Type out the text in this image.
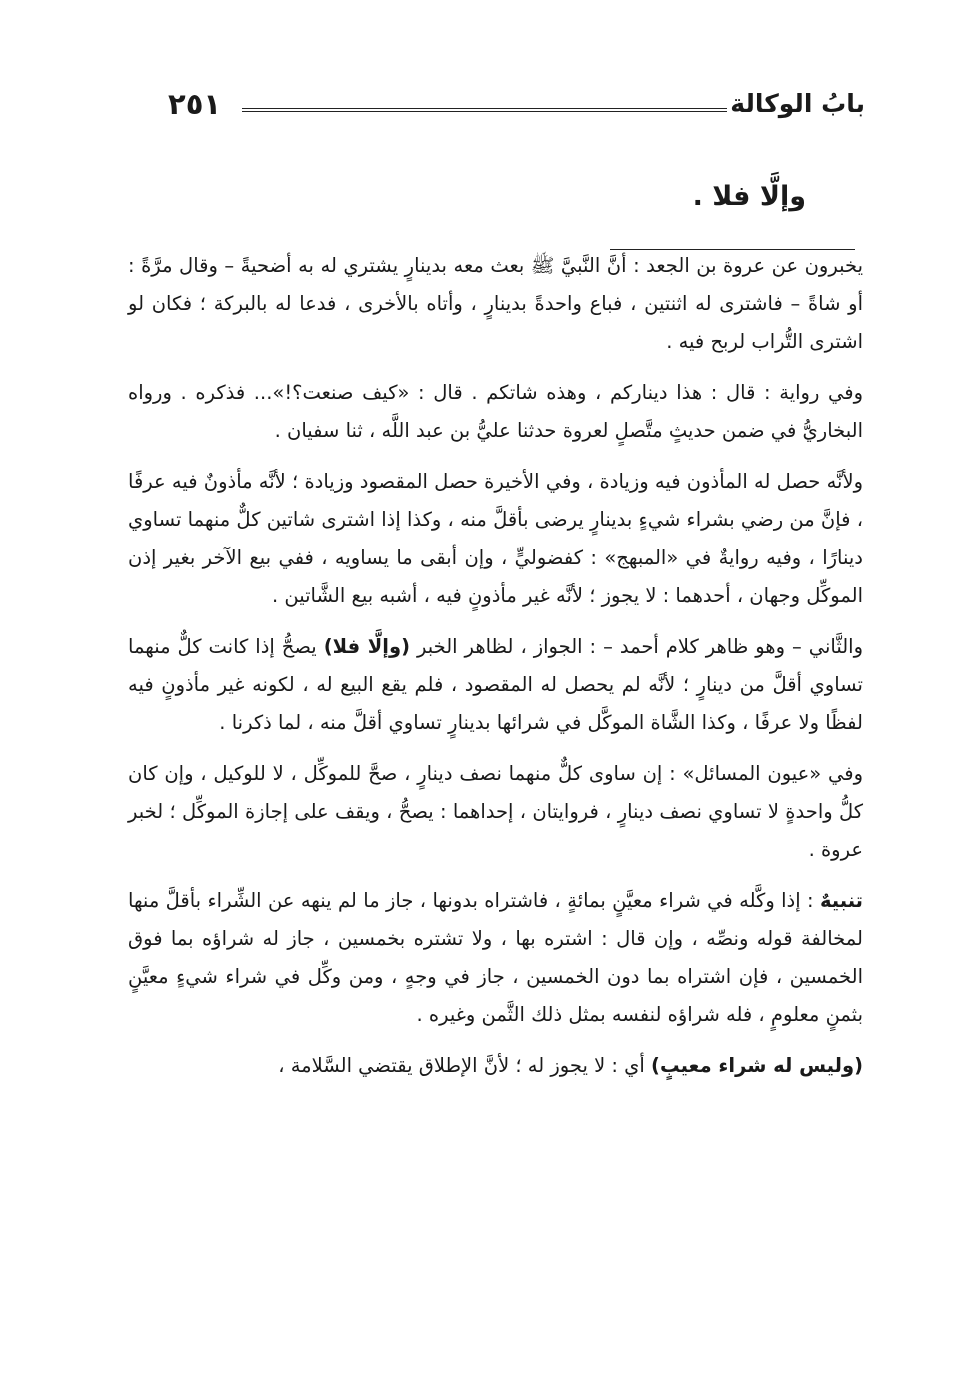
٢٥١	بابُ الوكالة
وإلَّا فلا .

يخبرون عن عروة بن الجعد : أنَّ النَّبيَّ ﷺ بعث معه بدينارٍ يشتري له به أضحيةً – وقال مرَّةً : أو شاةً – فاشترى له اثنتين ، فباع واحدةً بدينارٍ ، وأتاه بالأخرى ، فدعا له بالبركة ؛ فكان لو اشترى التُّراب لربح فيه .

وفي رواية : قال : هذا ديناركم ، وهذه شاتكم . قال : «كيف صنعت؟!»... فذكره . ورواه البخاريُّ في ضمن حديثٍ متَّصلٍ لعروة حدثنا عليُّ بن عبد اللَّه ، ثنا سفيان .

ولأنَّه حصل له المأذون فيه وزيادة ، وفي الأخيرة حصل المقصود وزيادة ؛ لأنَّه مأذونٌ فيه عرفًا ، فإنَّ من رضي بشراء شيءٍ بدينارٍ يرضى بأقلَّ منه ، وكذا إذا اشترى شاتين كلٌّ منهما تساوي دينارًا ، وفيه روايةٌ في «المبهج» : كفضوليٍّ ، وإن أبقى ما يساويه ، ففي بيع الآخر بغير إذن الموكِّل وجهان ، أحدهما : لا يجوز ؛ لأنَّه غير مأذونٍ فيه ، أشبه بيع الشَّاتين .

والثَّاني – وهو ظاهر كلام أحمد – : الجواز ، لظاهر الخبر (وإلَّا فلا) يصحُّ إذا كانت كلٌّ منهما تساوي أقلَّ من دينارٍ ؛ لأنَّه لم يحصل له المقصود ، فلم يقع البيع له ، لكونه غير مأذونٍ فيه لفظًا ولا عرفًا ، وكذا الشَّاة الموكَّل في شرائها بدينارٍ تساوي أقلَّ منه ، لما ذكرنا .

وفي «عيون المسائل» : إن ساوى كلٌّ منهما نصف دينارٍ ، صحَّ للموكِّل ، لا للوكيل ، وإن كان كلُّ واحدةٍ لا تساوي نصف دينارٍ ، فروايتان ، إحداهما : يصحُّ ، ويقف على إجازة الموكِّل ؛ لخبر عروة .

تنبيهٌ : إذا وكَّله في شراء معيَّنٍ بمائةٍ ، فاشتراه بدونها ، جاز ما لم ينهه عن الشِّراء بأقلَّ منها لمخالفة قوله ونصِّه ، وإن قال : اشتره بها ، ولا تشتره بخمسين ، جاز له شراؤه بما فوق الخمسين ، فإن اشتراه بما دون الخمسين ، جاز في وجهٍ ، ومن وكِّل في شراء شيءٍ معيَّنٍ بثمنٍ معلومٍ ، فله شراؤه لنفسه بمثل ذلك الثَّمن وغيره .

(وليس له شراء معيبٍ) أي : لا يجوز له ؛ لأنَّ الإطلاق يقتضي السَّلامة ،
